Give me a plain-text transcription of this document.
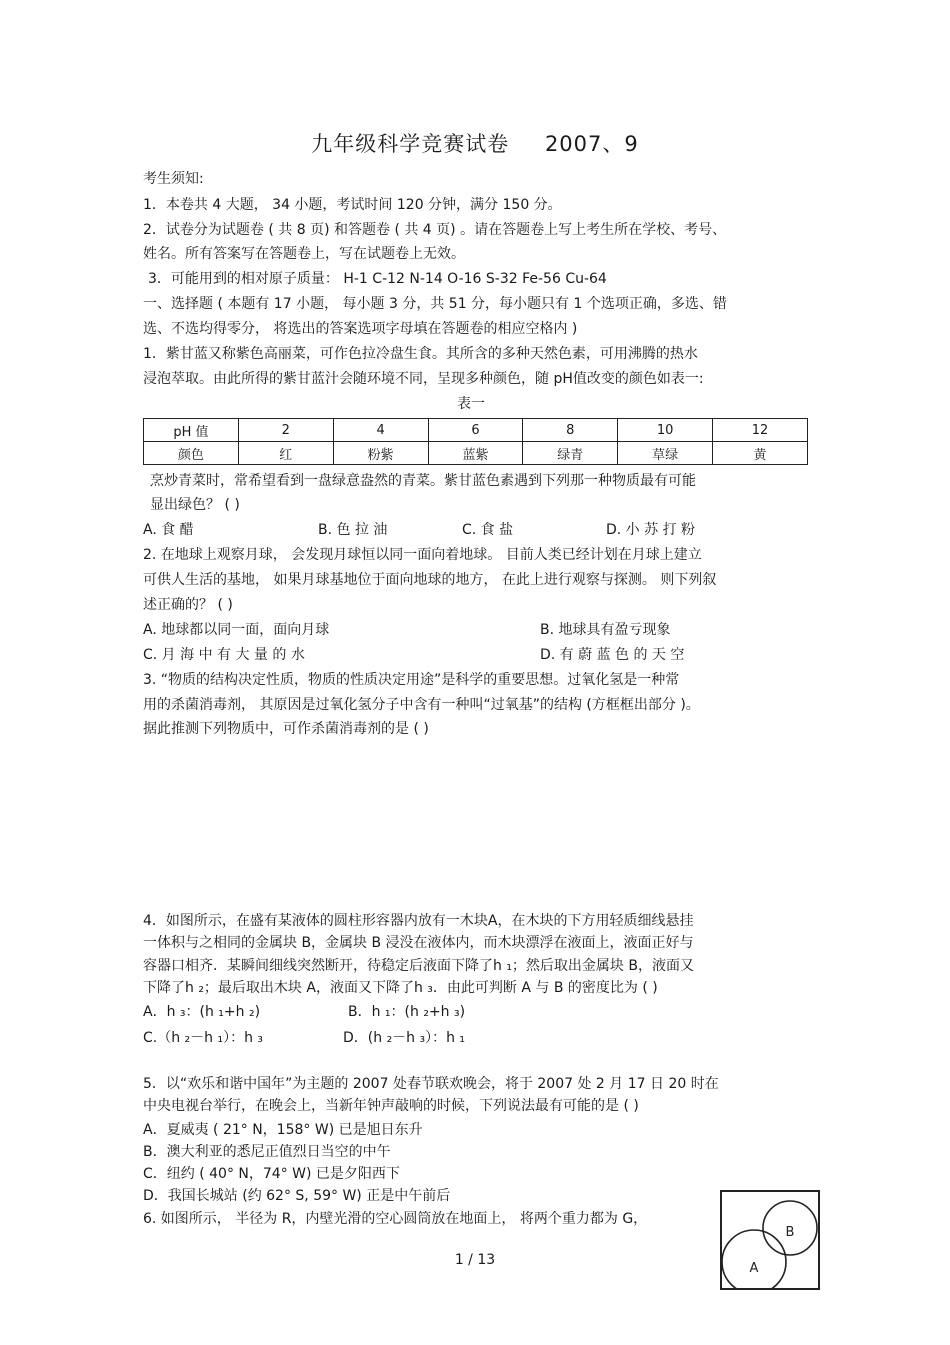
九年级科学竞赛试卷 2007、9
考生须知:
1．本卷共 4 大题， 34 小题，考试时间 120 分钟，满分 150 分。
2．试卷分为试题卷 ( 共 8 页) 和答题卷 ( 共 4 页) 。请在答题卷上写上考生所在学校、考号、
姓名。所有答案写在答题卷上，写在试题卷上无效。
3．可能用到的相对原子质量： H-1 C-12 N-14 O-16 S-32 Fe-56 Cu-64
一、选择题 ( 本题有 17 小题， 每小题 3 分，共 51 分，每小题只有 1 个选项正确，多选、错
选、不选均得零分， 将选出的答案选项字母填在答题卷的相应空格内 )
1．紫甘蓝又称紫色高丽菜，可作色拉冷盘生食。其所含的多种天然色素，可用沸腾的热水
浸泡萃取。由此所得的紫甘蓝汁会随环境不同，呈现多种颜色，随 pH值改变的颜色如表一:
表一
pH 值	2	4	6	8	10	12
颜色	红	粉紫	蓝紫	绿青	草绿	黄
烹炒青菜时，常希望看到一盘绿意盎然的青菜。紫甘蓝色素遇到下列那一种物质最有可能
显出绿色？ ( )
A. 食 醋	B. 色 拉 油	C. 食 盐	D. 小 苏 打 粉
2. 在地球上观察月球， 会发现月球恒以同一面向着地球。 目前人类已经计划在月球上建立
可供人生活的基地， 如果月球基地位于面向地球的地方， 在此上进行观察与探测。 则下列叙
述正确的？ ( )
A. 地球都以同一面，面向月球	B. 地球具有盈亏现象
C. 月 海 中 有 大 量 的 水	D. 有 蔚 蓝 色 的 天 空
3. “物质的结构决定性质，物质的性质决定用途”是科学的重要思想。过氧化氢是一种常
用的杀菌消毒剂， 其原因是过氧化氢分子中含有一种叫“过氧基”的结构 (方框框出部分 )。
据此推测下列物质中，可作杀菌消毒剂的是 ( )
4．如图所示，在盛有某液体的圆柱形容器内放有一木块A，在木块的下方用轻质细线悬挂
一体积与之相同的金属块 B，金属块 B 浸没在液体内，而木块漂浮在液面上，液面正好与
容器口相齐．某瞬间细线突然断开，待稳定后液面下降了h ₁；然后取出金属块 B，液面又
下降了h ₂；最后取出木块 A，液面又下降了h ₃．由此可判断 A 与 B 的密度比为 ( )
A．h ₃：(h ₁+h ₂)	B．h ₁：(h ₂+h ₃)
C.（h ₂－h ₁）：h ₃	D．(h ₂－h ₃）：h ₁
5．以“欢乐和谐中国年”为主题的 2007 处春节联欢晚会，将于 2007 处 2 月 17 日 20 时在
中央电视台举行，在晚会上，当新年钟声敲响的时候，下列说法最有可能的是 ( )
A．夏威夷 ( 21° N，158° W) 已是旭日东升
B．澳大利亚的悉尼正值烈日当空的中午
C．纽约 ( 40° N，74° W) 已是夕阳西下
D．我国长城站 (约 62° S, 59° W) 正是中午前后
6. 如图所示， 半径为 R，内壁光滑的空心圆筒放在地面上， 将两个重力都为 G，
A
B
1 / 13
